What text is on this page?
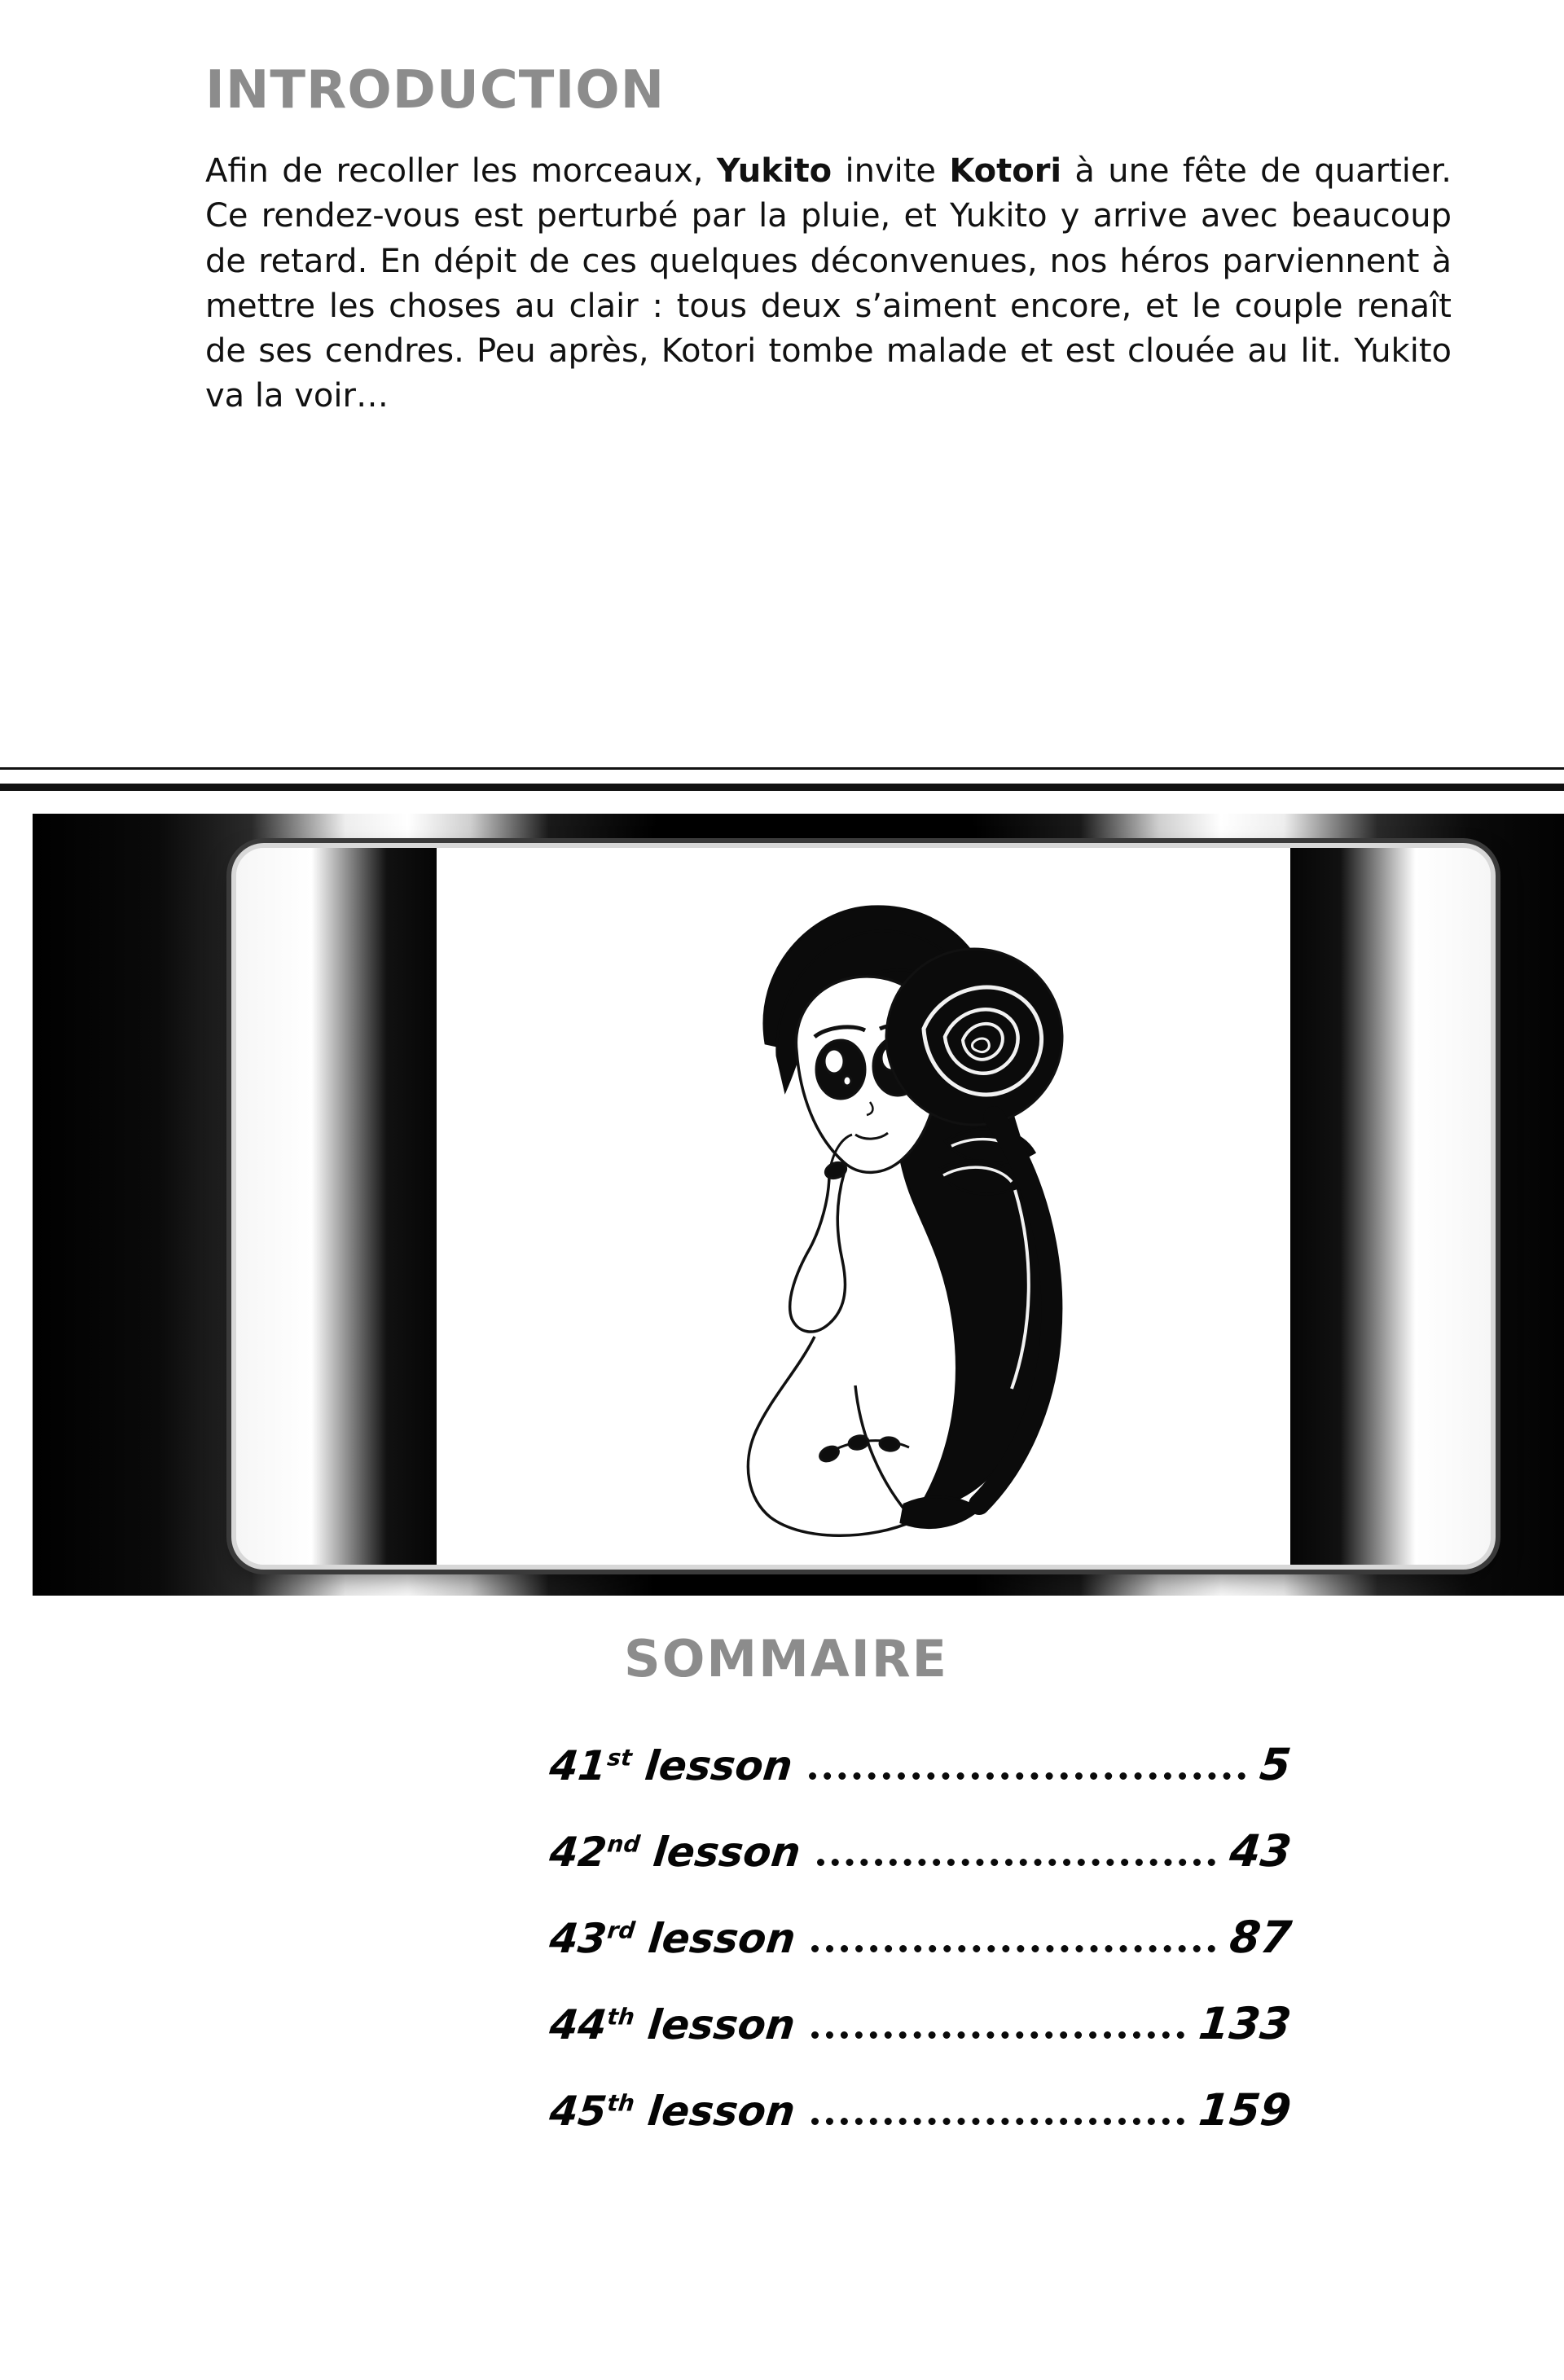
INTRODUCTION

Afin de recoller les morceaux, Yukito invite Kotori à une fête de quartier. Ce rendez-vous est perturbé par la pluie, et Yukito y arrive avec beaucoup de retard. En dépit de ces quelques déconvenues, nos héros parviennent à mettre les choses au clair : tous deux s’aiment encore, et le couple renaît de ses cendres. Peu après, Kotori tombe malade et est clouée au lit. Yukito va la voir…

SOMMAIRE
41st lesson	5
42nd lesson	43
43rd lesson	87
44th lesson	133
45th lesson	159
